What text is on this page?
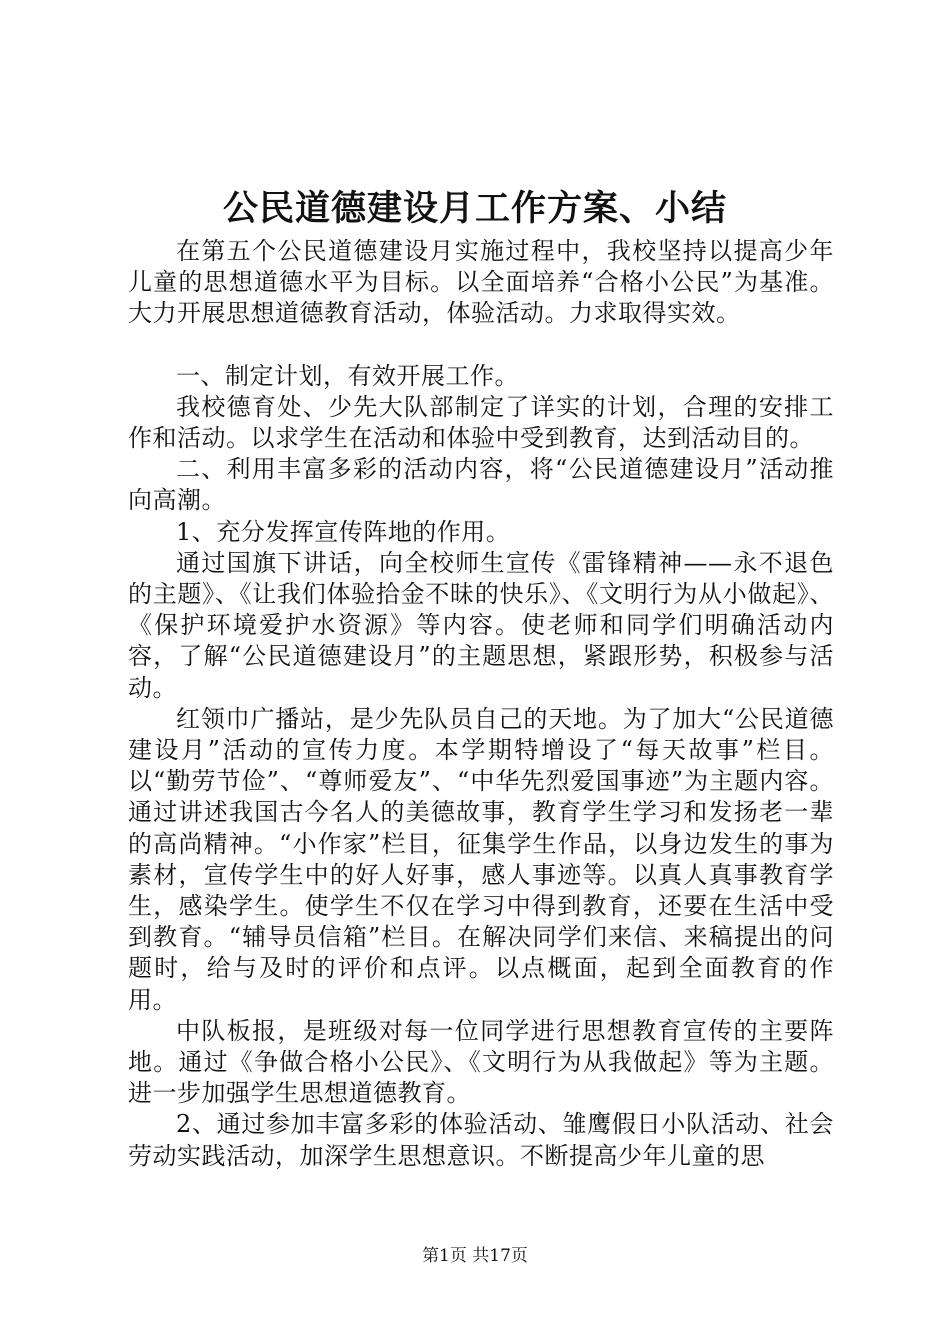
公民道德建设月工作方案、小结

在第五个公民道德建设月实施过程中，我校坚持以提高少年儿童的思想道德水平为目标。以全面培养“合格小公民”为基准。大力开展思想道德教育活动，体验活动。力求取得实效。

一、制定计划，有效开展工作。

我校德育处、少先大队部制定了详实的计划，合理的安排工作和活动。以求学生在活动和体验中受到教育，达到活动目的。

二、利用丰富多彩的活动内容，将“公民道德建设月”活动推向高潮。

1、充分发挥宣传阵地的作用。

通过国旗下讲话，向全校师生宣传《雷锋精神——永不退色的主题》、《让我们体验拾金不昧的快乐》、《文明行为从小做起》、《保护环境爱护水资源》等内容。使老师和同学们明确活动内容，了解“公民道德建设月”的主题思想，紧跟形势，积极参与活动。

红领巾广播站，是少先队员自己的天地。为了加大“公民道德建设月”活动的宣传力度。本学期特增设了“每天故事”栏目。以“勤劳节俭”、“尊师爱友”、“中华先烈爱国事迹”为主题内容。通过讲述我国古今名人的美德故事，教育学生学习和发扬老一辈的高尚精神。“小作家”栏目，征集学生作品，以身边发生的事为素材，宣传学生中的好人好事，感人事迹等。以真人真事教育学生，感染学生。使学生不仅在学习中得到教育，还要在生活中受到教育。“辅导员信箱”栏目。在解决同学们来信、来稿提出的问题时，给与及时的评价和点评。以点概面，起到全面教育的作用。

中队板报，是班级对每一位同学进行思想教育宣传的主要阵地。通过《争做合格小公民》、《文明行为从我做起》等为主题。进一步加强学生思想道德教育。

2、通过参加丰富多彩的体验活动、雏鹰假日小队活动、社会劳动实践活动，加深学生思想意识。不断提高少年儿童的思

第1页 共17页
